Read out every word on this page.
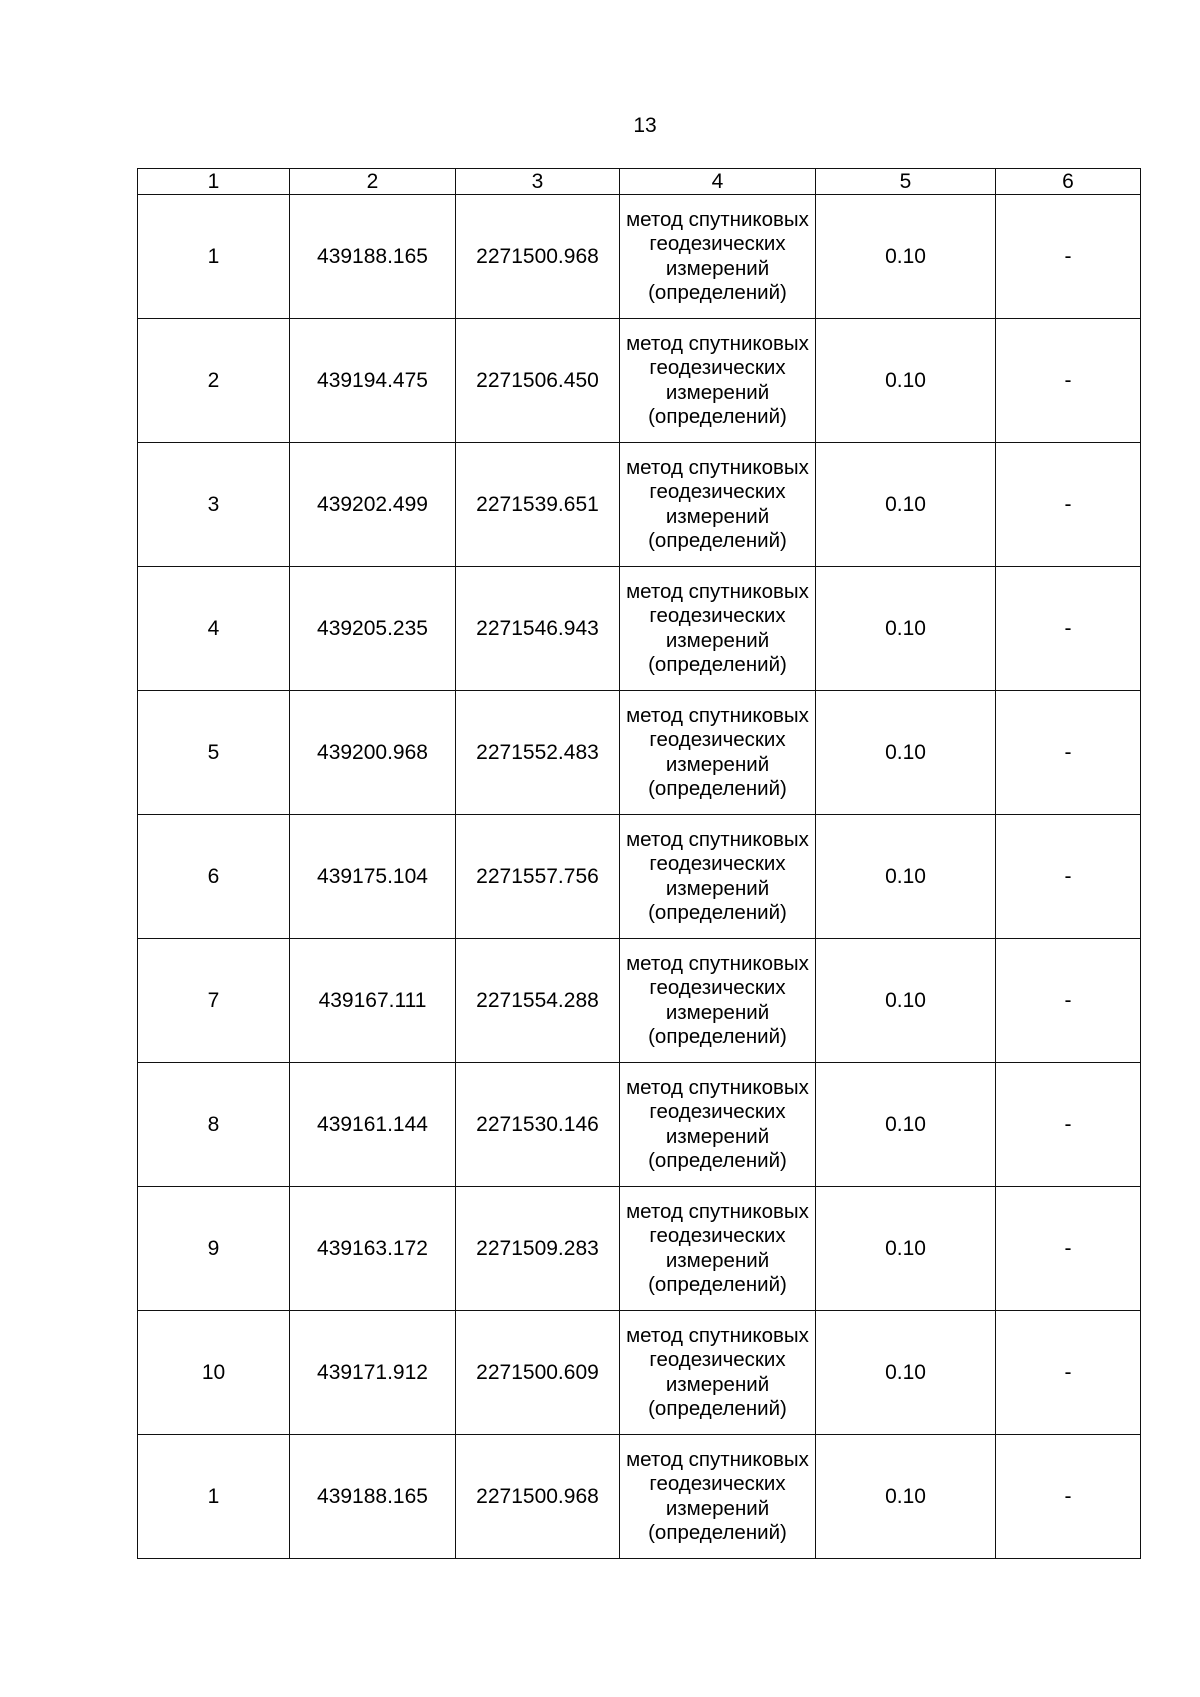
13
1	2	3	4	5	6
1	439188.165	2271500.968	метод спутниковых геодезических измерений (определений)	0.10	-
2	439194.475	2271506.450	метод спутниковых геодезических измерений (определений)	0.10	-
3	439202.499	2271539.651	метод спутниковых геодезических измерений (определений)	0.10	-
4	439205.235	2271546.943	метод спутниковых геодезических измерений (определений)	0.10	-
5	439200.968	2271552.483	метод спутниковых геодезических измерений (определений)	0.10	-
6	439175.104	2271557.756	метод спутниковых геодезических измерений (определений)	0.10	-
7	439167.111	2271554.288	метод спутниковых геодезических измерений (определений)	0.10	-
8	439161.144	2271530.146	метод спутниковых геодезических измерений (определений)	0.10	-
9	439163.172	2271509.283	метод спутниковых геодезических измерений (определений)	0.10	-
10	439171.912	2271500.609	метод спутниковых геодезических измерений (определений)	0.10	-
1	439188.165	2271500.968	метод спутниковых геодезических измерений (определений)	0.10	-
